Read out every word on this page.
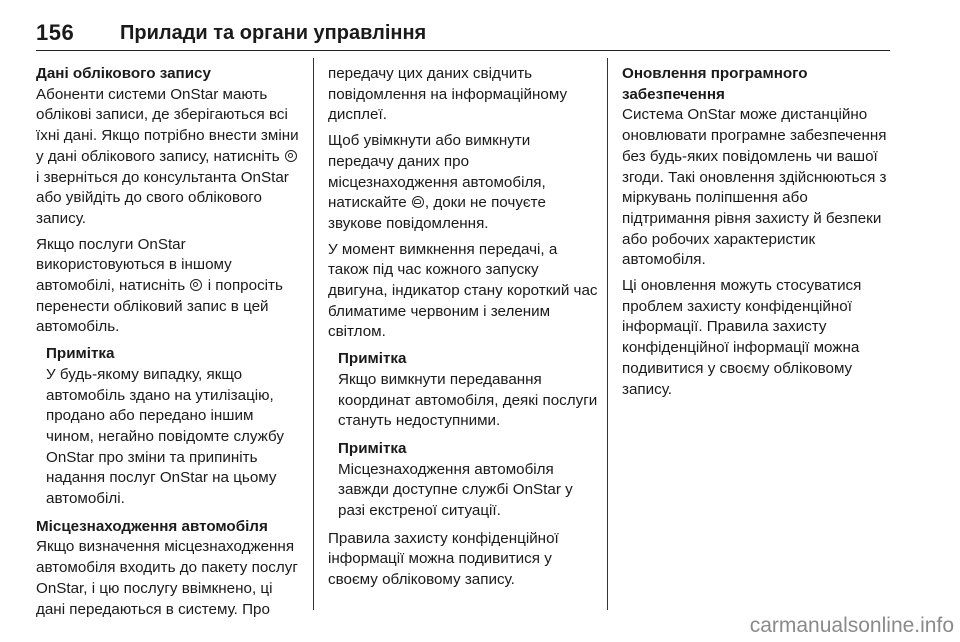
156 Прилади та органи управління
Дані облікового запису

Абоненти системи OnStar мають облікові записи, де зберігаються всі їхні дані. Якщо потрібно внести зміни у дані облікового запису, натисніть  і зверніться до консультанта OnStar або увійдіть до свого облікового запису.

Якщо послуги OnStar використовуються в іншому автомобілі, натисніть і попросіть перенести обліковий запис в цей автомобіль.

Примітка

У будь-якому випадку, якщо автомобіль здано на утилізацію, продано або передано іншим чином, негайно повідомте службу OnStar про зміни та припиніть надання послуг OnStar на цьому автомобілі.

Місцезнаходження автомобіля

Якщо визначення місцезнаходження автомобіля входить до пакету послуг OnStar, і цю послугу ввімкнено, ці дані передаються в систему. Про

передачу цих даних свідчить повідомлення на інформаційному дисплеї.

Щоб увімкнути або вимкнути передачу даних про місцезнаходження автомобіля, натискайте , доки не почуєте звукове повідомлення.

У момент вимкнення передачі, а також під час кожного запуску двигуна, індикатор стану короткий час блиматиме червоним і зеленим світлом.

Примітка

Якщо вимкнути передавання координат автомобіля, деякі послуги стануть недоступними.

Примітка

Місцезнаходження автомобіля завжди доступне службі OnStar у разі екстреної ситуації.

Правила захисту конфіденційної інформації можна подивитися у своєму обліковому запису.

Оновлення програмного забезпечення

Система OnStar може дистанційно оновлювати програмне забезпечення без будь-яких повідомлень чи вашої згоди. Такі оновлення здійснюються з міркувань поліпшення або підтримання рівня захисту й безпеки або робочих характеристик автомобіля.

Ці оновлення можуть стосуватися проблем захисту конфіденційної інформації. Правила захисту конфіденційної інформації можна подивитися у своєму обліковому запису.

carmanualsonline.info
